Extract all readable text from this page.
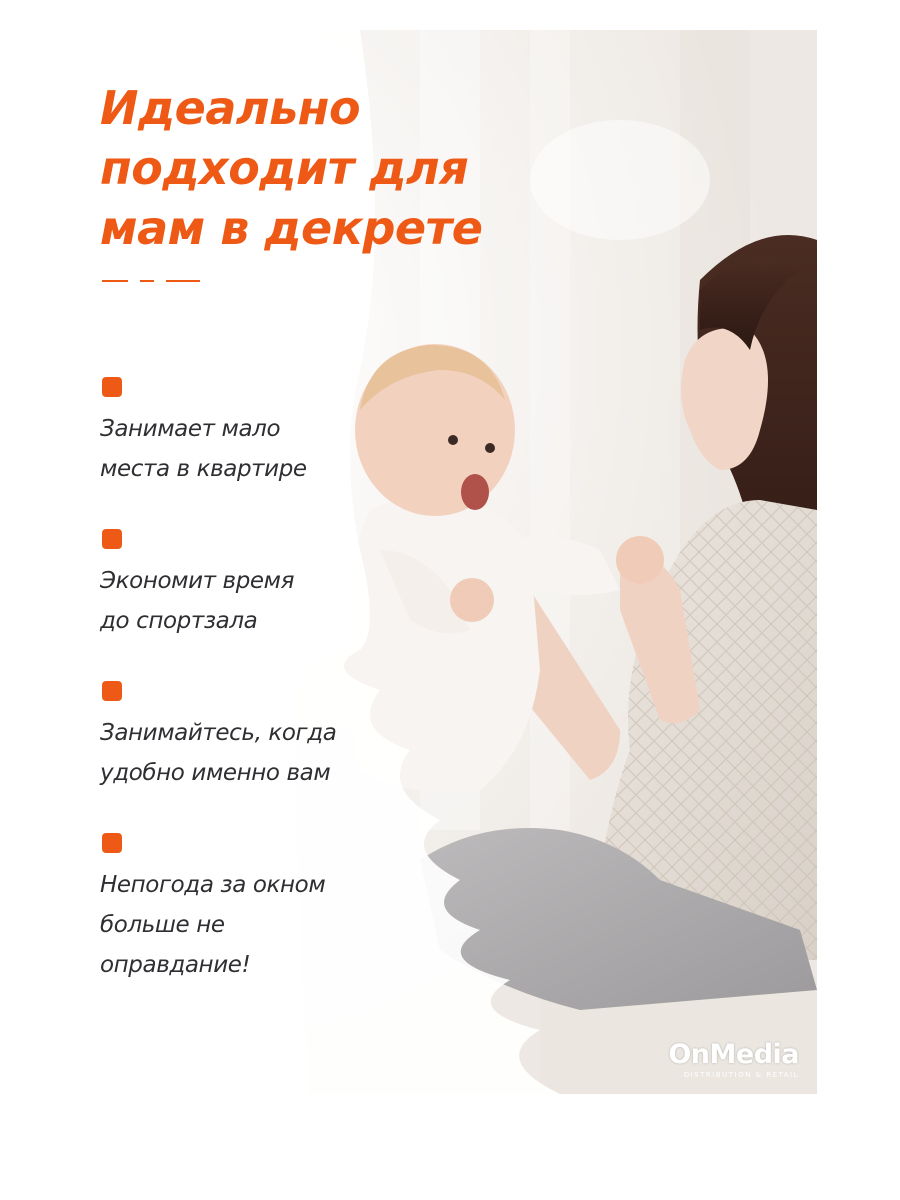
Идеально
подходит для
мам в декрете
Занимает мало
места в квартире
Экономит время
до спортзала
Занимайтесь, когда
удобно именно вам
Непогода за окном
больше не
оправдание!
OnMedia
DISTRIBUTION & RETAIL
